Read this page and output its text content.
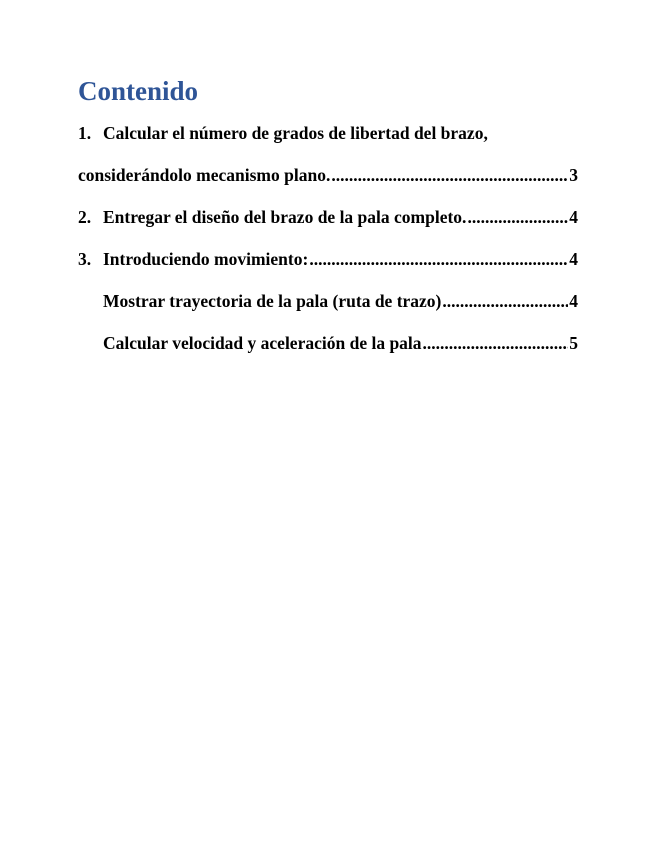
Contenido
1. Calcular el número de grados de libertad del brazo,
considerándolo mecanismo plano. .....	3
2. Entregar el diseño del brazo de la pala completo. .....	4
3. Introduciendo movimiento: .....	4
Mostrar trayectoria de la pala (ruta de trazo) .....	4
Calcular velocidad y aceleración de la pala .....	5
